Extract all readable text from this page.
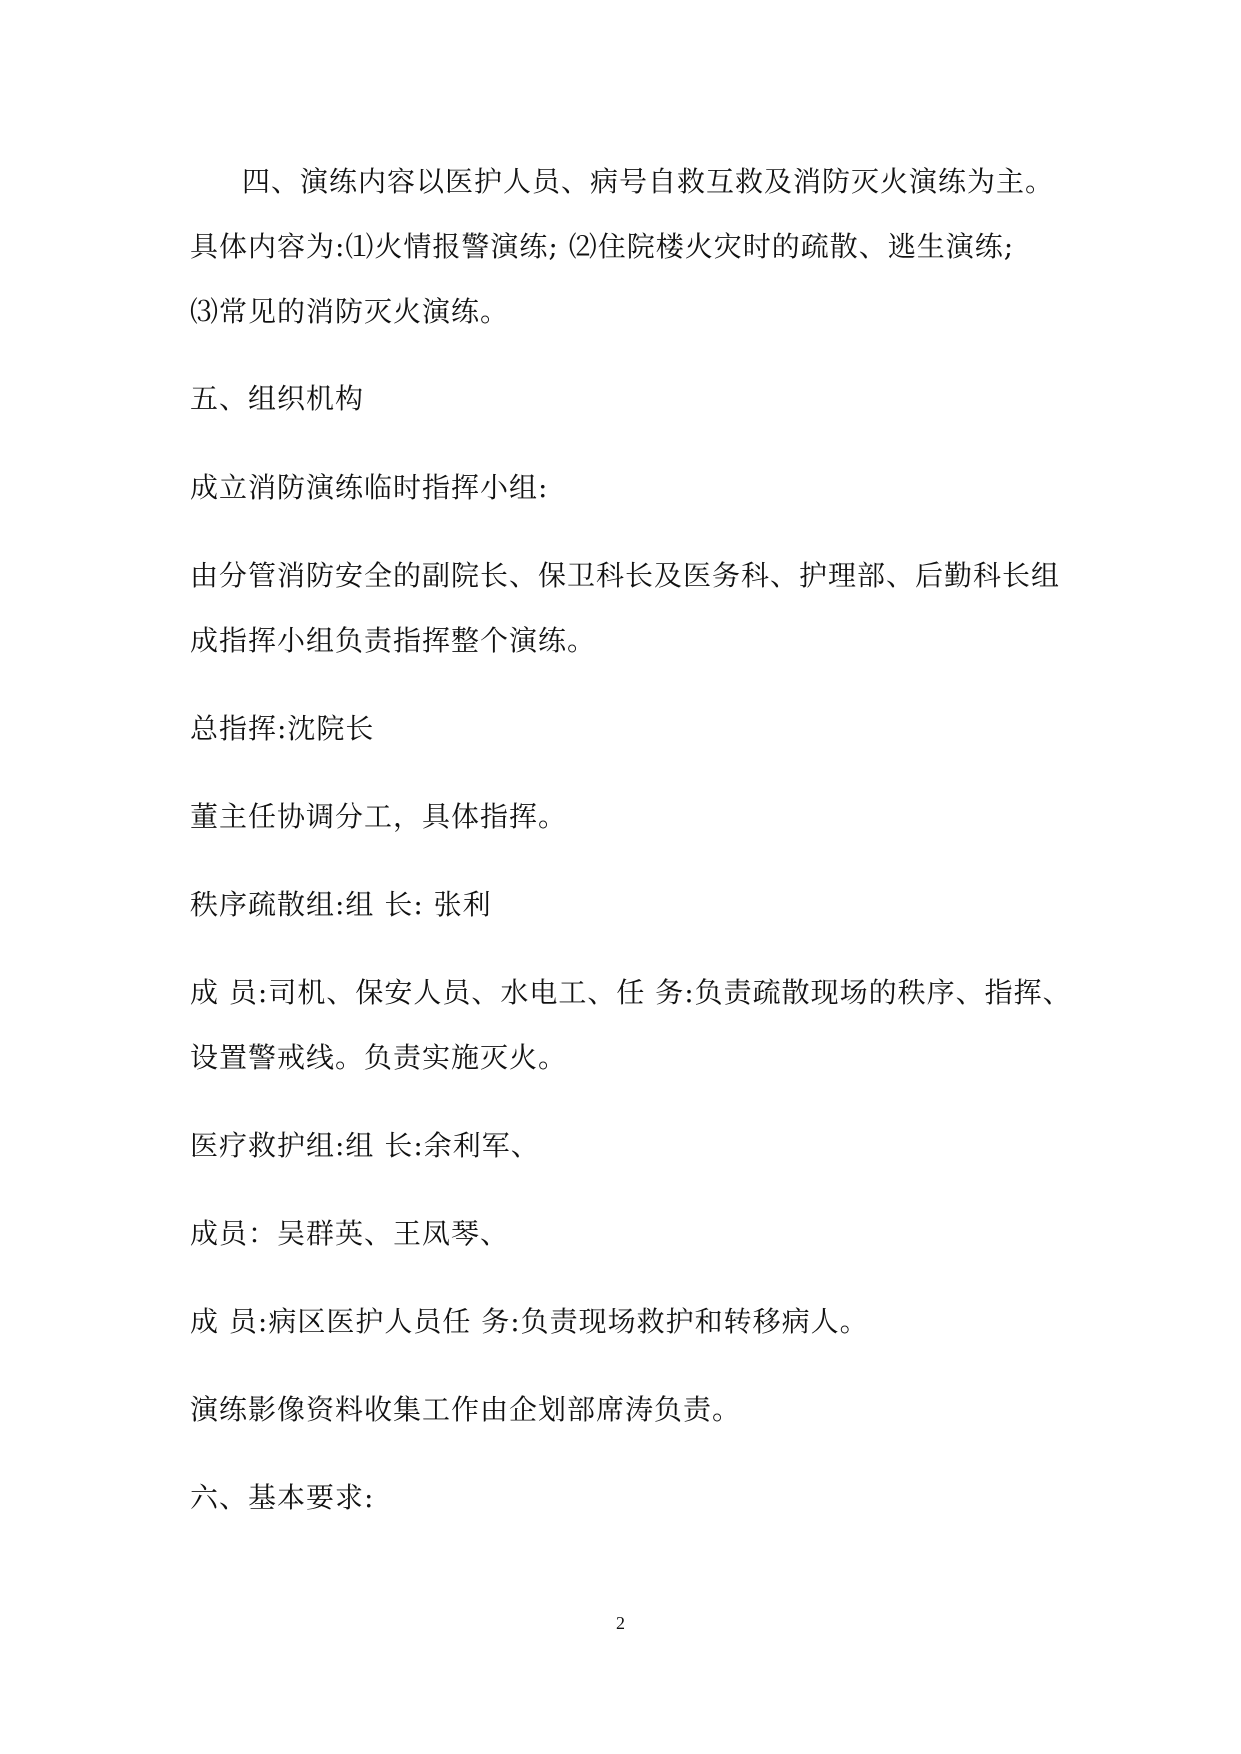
四、演练内容以医护人员、病号自救互救及消防灭火演练为主。

具体内容为:⑴火情报警演练; ⑵住院楼火灾时的疏散、逃生演练;

⑶常见的消防灭火演练。

五、组织机构

成立消防演练临时指挥小组:

由分管消防安全的副院长、保卫科长及医务科、护理部、后勤科长组

成指挥小组负责指挥整个演练。

总指挥:沈院长

董主任协调分工，具体指挥。

秩序疏散组:组 长: 张利

成 员:司机、保安人员、水电工、任 务:负责疏散现场的秩序、指挥、

设置警戒线。负责实施灭火。

医疗救护组:组 长:余利军、

成员：吴群英、王凤琴、

成 员:病区医护人员任 务:负责现场救护和转移病人。

演练影像资料收集工作由企划部席涛负责。

六、基本要求:

2
